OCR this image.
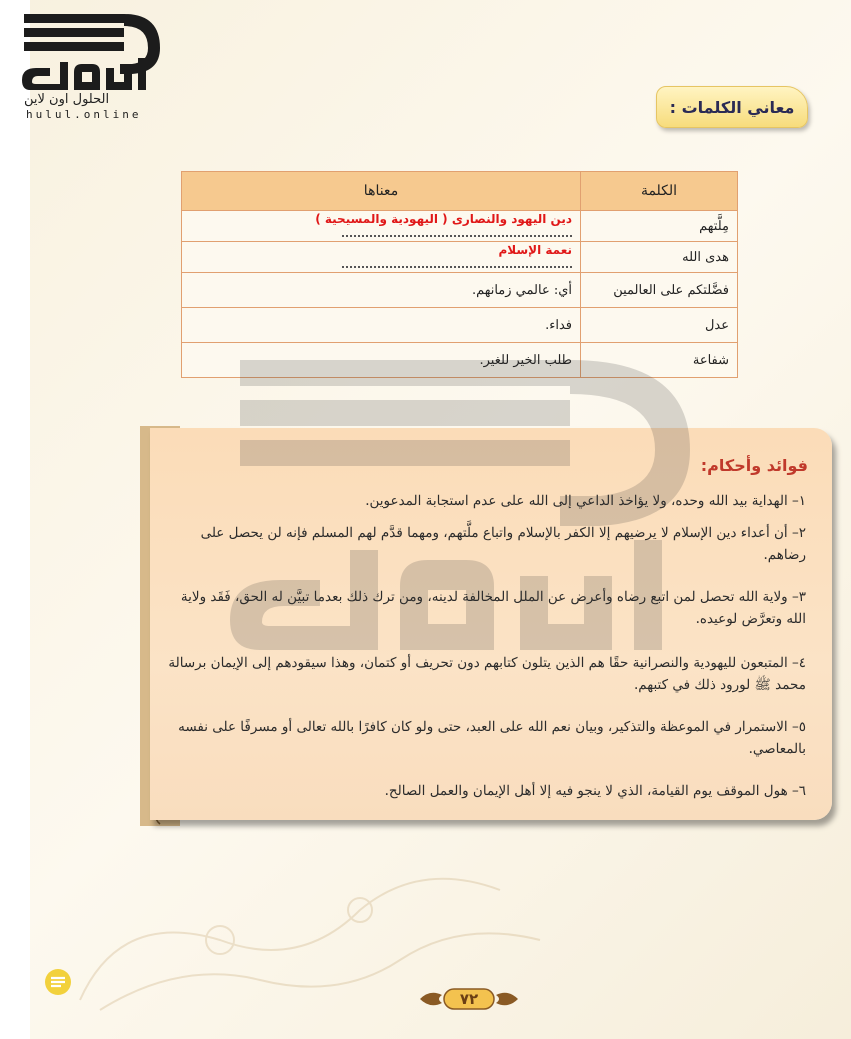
الحلول اون لاين
hulul.online	معاني الكلمات :
الكلمة	معناها
مِلَّتهم	دين اليهود والنصارى ( اليهودية والمسيحية )

هدى الله	نعمة الإسلام

فضَّلتكم على العالمين	أي: عالمي زمانهم.
عدل	فداء.
شفاعة	طلب الخير للغير.
فوائد وأحكام:
١– الهداية بيد الله وحده، ولا يؤاخذ الداعي إلى الله على عدم استجابة المدعوين.
٢– أن أعداء دين الإسلام لا يرضيهم إلا الكفر بالإسلام واتباع ملَّتهم، ومهما قدَّم لهم المسلم فإنه لن يحصل على رضاهم.
٣– ولاية الله تحصل لمن اتبع رضاه وأعرض عن الملل المخالفة لدينه، ومن ترك ذلك بعدما تبيَّن له الحق، فَقَد ولاية الله وتعرَّض لوعيده.
٤– المتبعون لليهودية والنصرانية حقًا هم الذين يتلون كتابهم دون تحريف أو كتمان، وهذا سيقودهم إلى الإيمان برسالة محمد ﷺ لورود ذلك في كتبهم.
٥– الاستمرار في الموعظة والتذكير، وبيان نعم الله على العبد، حتى ولو كان كافرًا بالله تعالى أو مسرفًا على نفسه بالمعاصي.
٦– هول الموقف يوم القيامة، الذي لا ينجو فيه إلا أهل الإيمان والعمل الصالح.
٧٢
